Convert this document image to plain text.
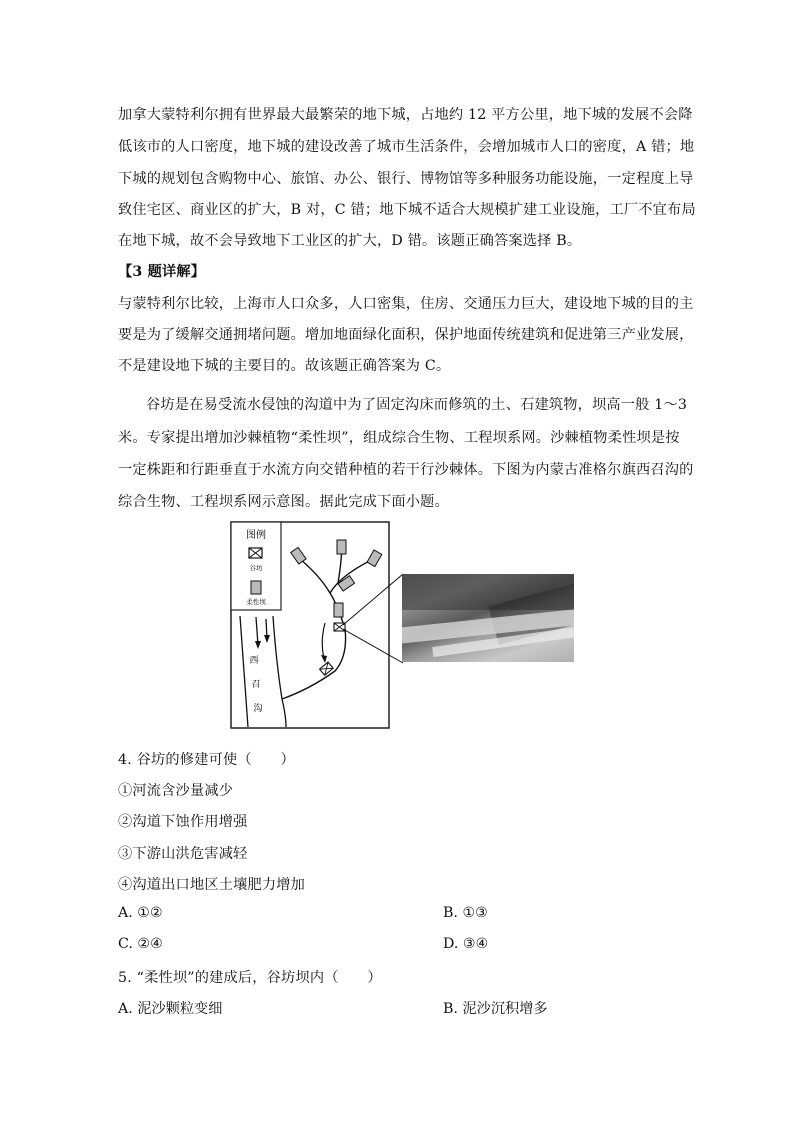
加拿大蒙特利尔拥有世界最大最繁荣的地下城，占地约 12 平方公里，地下城的发展不会降
低该市的人口密度，地下城的建设改善了城市生活条件，会增加城市人口的密度，A 错；地
下城的规划包含购物中心、旅馆、办公、银行、博物馆等多种服务功能设施，一定程度上导
致住宅区、商业区的扩大，B 对，C 错；地下城不适合大规模扩建工业设施，工厂不宜布局
在地下城，故不会导致地下工业区的扩大，D 错。该题正确答案选择 B。
【3 题详解】
与蒙特利尔比较，上海市人口众多，人口密集，住房、交通压力巨大，建设地下城的目的主
要是为了缓解交通拥堵问题。增加地面绿化面积，保护地面传统建筑和促进第三产业发展，
不是建设地下城的主要目的。故该题正确答案为 C。
谷坊是在易受流水侵蚀的沟道中为了固定沟床而修筑的土、石建筑物，坝高一般 1～3
米。专家提出增加沙棘植物“柔性坝”，组成综合生物、工程坝系网。沙棘植物柔性坝是按
一定株距和行距垂直于水流方向交错种植的若干行沙棘体。下图为内蒙古准格尔旗西召沟的
综合生物、工程坝系网示意图。据此完成下面小题。
图例
谷坊
柔性坝
西
召
沟
4. 谷坊的修建可使（　　）
①河流含沙量减少
②沟道下蚀作用增强
③下游山洪危害减轻
④沟道出口地区土壤肥力增加
A. ①②	B. ①③
C. ②④	D. ③④
5. “柔性坝”的建成后，谷坊坝内（　　）
A. 泥沙颗粒变细	B. 泥沙沉积增多
